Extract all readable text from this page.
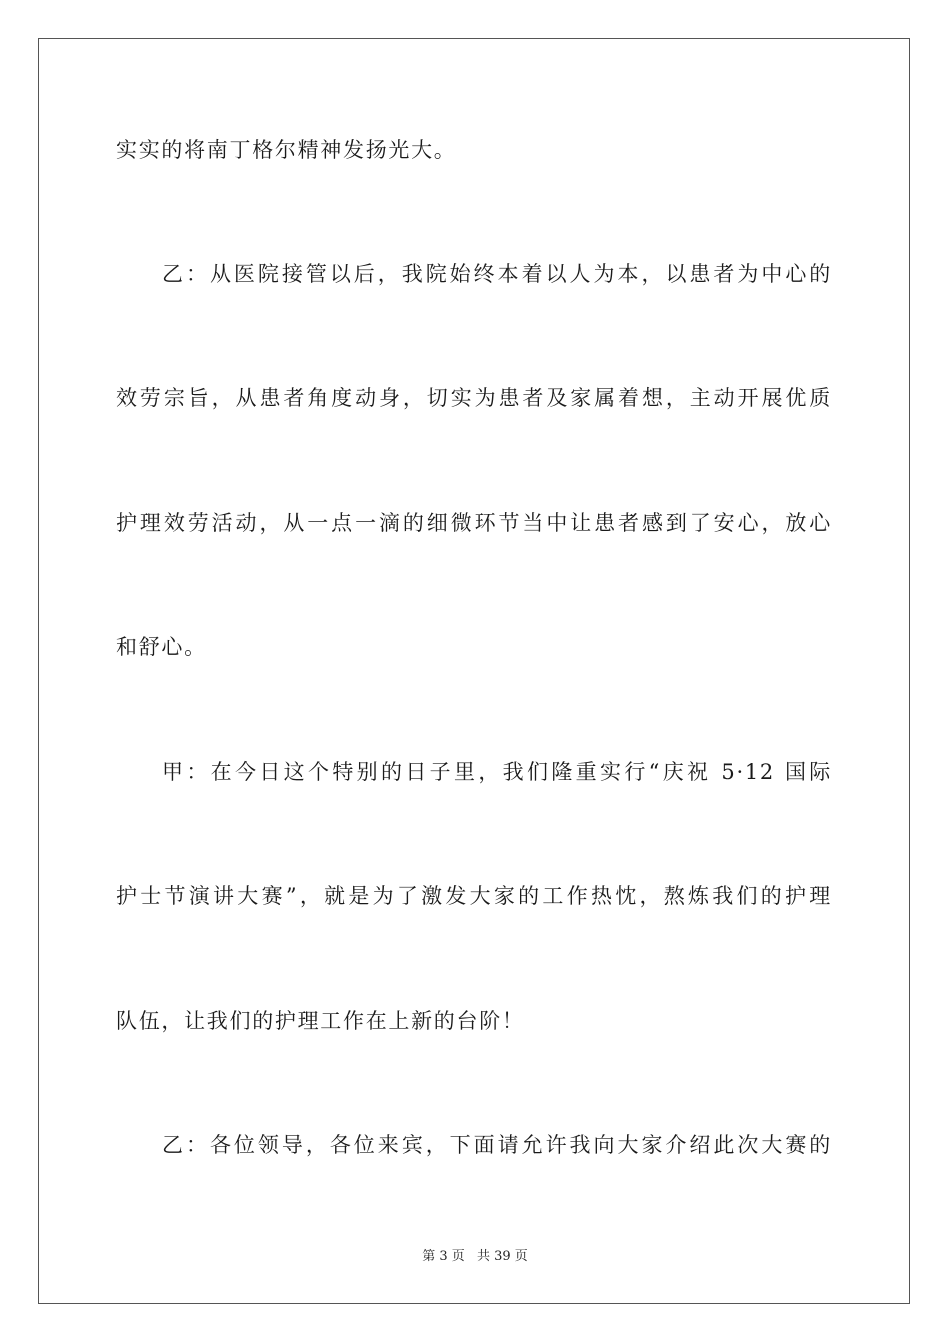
实实的将南丁格尔精神发扬光大。
乙：从医院接管以后，我院始终本着以人为本，以患者为中心的
效劳宗旨，从患者角度动身，切实为患者及家属着想，主动开展优质
护理效劳活动，从一点一滴的细微环节当中让患者感到了安心，放心
和舒心。
甲：在今日这个特别的日子里，我们隆重实行“庆祝 5·12 国际
护士节演讲大赛”，就是为了激发大家的工作热忱，熬炼我们的护理
队伍，让我们的护理工作在上新的台阶！
乙：各位领导，各位来宾，下面请允许我向大家介绍此次大赛的
第 3 页 共 39 页
